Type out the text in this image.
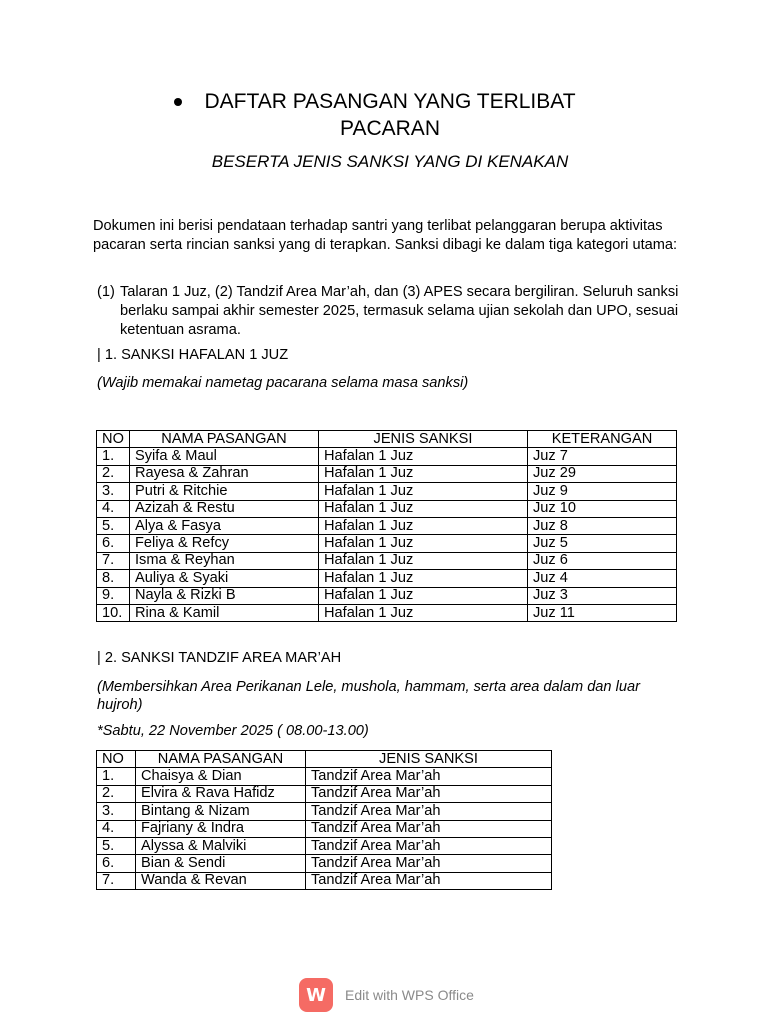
DAFTAR PASANGAN YANG TERLIBAT
PACARAN
BESERTA JENIS SANKSI YANG DI KENAKAN
Dokumen ini berisi pendataan terhadap santri yang terlibat pelanggaran berupa aktivitas pacaran serta rincian sanksi yang di terapkan. Sanksi dibagi ke dalam tiga kategori utama:
(1) Talaran 1 Juz, (2) Tandzif Area Mar’ah, dan (3) APES secara bergiliran. Seluruh sanksi berlaku sampai akhir semester 2025, termasuk selama ujian sekolah dan UPO, sesuai ketentuan asrama.
| 1. SANKSI HAFALAN 1 JUZ
(Wajib memakai nametag pacarana selama masa sanksi)
NO	NAMA PASANGAN	JENIS SANKSI	KETERANGAN
1.	Syifa & Maul	Hafalan 1 Juz	Juz 7
2.	Rayesa & Zahran	Hafalan 1 Juz	Juz 29
3.	Putri & Ritchie	Hafalan 1 Juz	Juz 9
4.	Azizah & Restu	Hafalan 1 Juz	Juz 10
5.	Alya & Fasya	Hafalan 1 Juz	Juz 8
6.	Feliya & Refcy	Hafalan 1 Juz	Juz 5
7.	Isma & Reyhan	Hafalan 1 Juz	Juz 6
8.	Auliya & Syaki	Hafalan 1 Juz	Juz 4
9.	Nayla & Rizki B	Hafalan 1 Juz	Juz 3
10.	Rina & Kamil	Hafalan 1 Juz	Juz 11
| 2. SANKSI TANDZIF AREA MAR’AH
(Membersihkan Area Perikanan Lele, mushola, hammam, serta area dalam dan luar hujroh)
*Sabtu, 22 November 2025 ( 08.00-13.00)
NO	NAMA PASANGAN	JENIS SANKSI
1.	Chaisya & Dian	Tandzif Area Mar’ah
2.	Elvira & Rava Hafidz	Tandzif Area Mar’ah
3.	Bintang & Nizam	Tandzif Area Mar’ah
4.	Fajriany & Indra	Tandzif Area Mar’ah
5.	Alyssa & Malviki	Tandzif Area Mar’ah
6.	Bian & Sendi	Tandzif Area Mar’ah
7.	Wanda & Revan	Tandzif Area Mar’ah
W	Edit with WPS Office
